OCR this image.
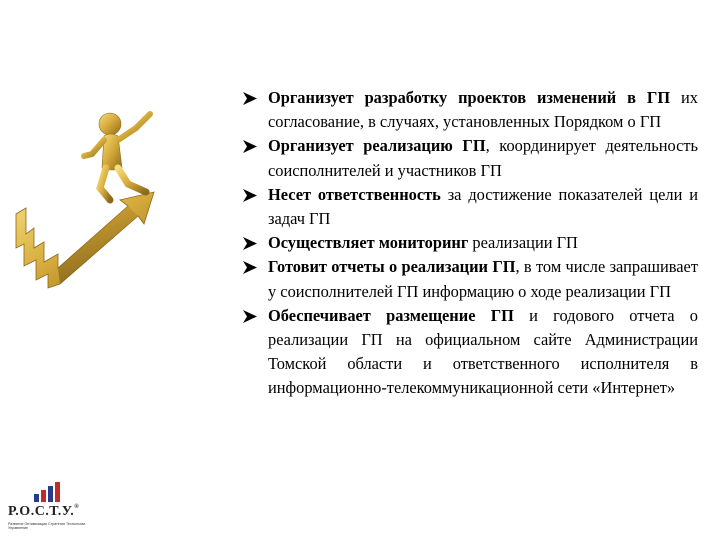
Организует разработку проектов изменений в ГП их согласование, в случаях, установленных Порядком о ГП
Организует реализацию ГП, координирует деятельность соисполнителей и участников ГП
Несет ответственность за достижение показателей цели и задач ГП
Осуществляет мониторинг реализации ГП
Готовит отчеты о реализации ГП, в том числе запрашивает у соисполнителей ГП информацию о ходе реализации ГП
Обеспечивает размещение ГП и годового отчета о реализации ГП на официальном сайте Администрации Томской области и ответственного исполнителя в информационно-телекоммуникационной сети «Интернет»
Р.О.С.Т.У.®
Развитие Оптимизация Стратегия Технологии Управление
